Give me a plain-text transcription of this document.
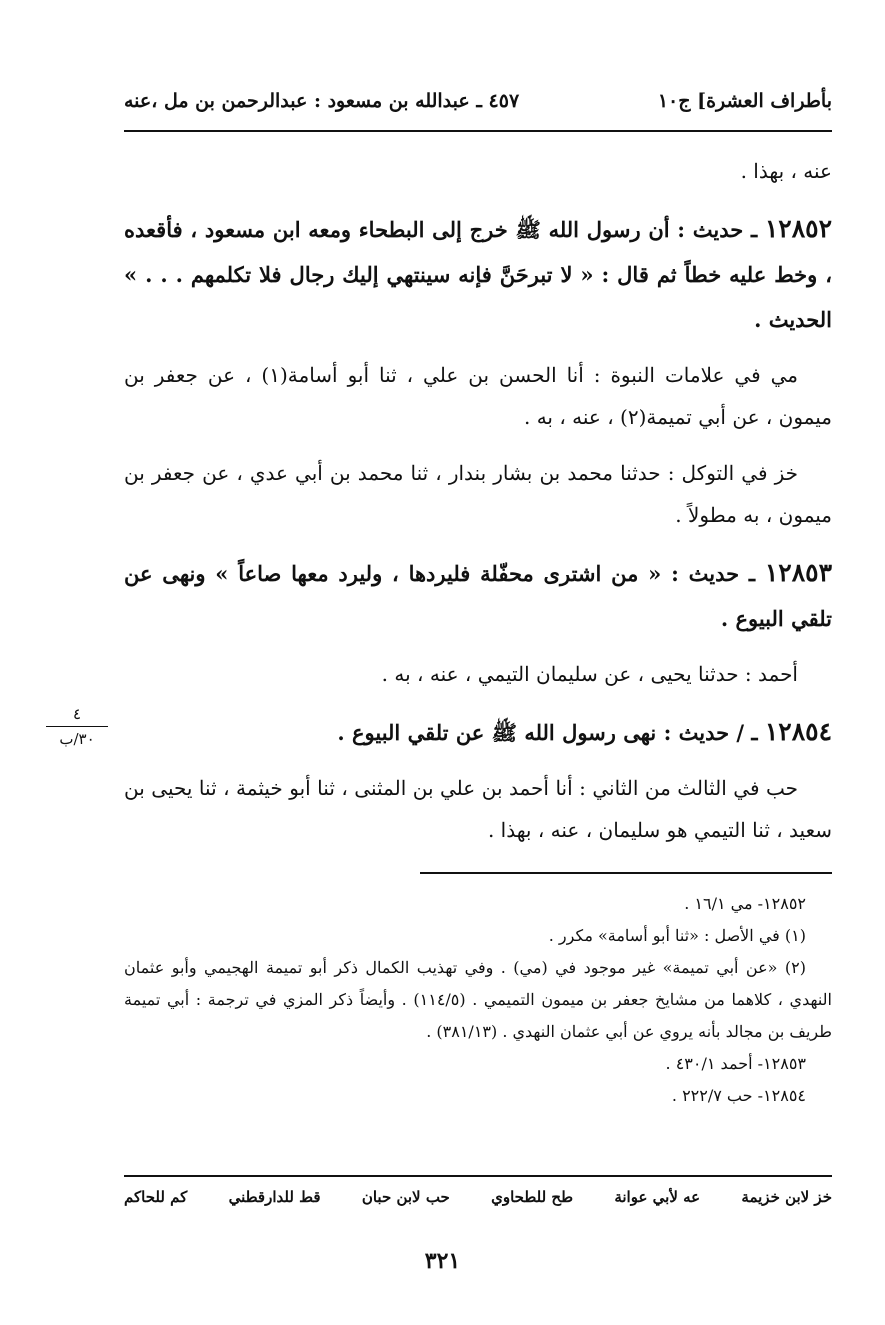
بأطراف العشرة] ج١٠
٤٥٧ ـ عبدالله بن مسعود : عبدالرحمن بن مل ،عنه

عنه ، بهذا .

١٢٨٥٢ ـ حديث : أن رسول الله ﷺ خرج إلى البطحاء ومعه ابن مسعود ، فأقعده ، وخط عليه خطاً ثم قال : « لا تبرحَنَّ فإنه سينتهي إليك رجال فلا تكلمهم . . . » الحديث .

مي في علامات النبوة : أنا الحسن بن علي ، ثنا أبو أسامة(١) ، عن جعفر بن ميمون ، عن أبي تميمة(٢) ، عنه ، به .

خز في التوكل : حدثنا محمد بن بشار بندار ، ثنا محمد بن أبي عدي ، عن جعفر بن ميمون ، به مطولاً .

١٢٨٥٣ ـ حديث : « من اشترى محفّلة فليردها ، وليرد معها صاعاً » ونهى عن تلقي البيوع .

أحمد : حدثنا يحيى ، عن سليمان التيمي ، عنه ، به .

١٢٨٥٤ ـ / حديث : نهى رسول الله ﷺ عن تلقي البيوع .

حب في الثالث من الثاني : أنا أحمد بن علي بن المثنى ، ثنا أبو خيثمة ، ثنا يحيى بن سعيد ، ثنا التيمي هو سليمان ، عنه ، بهذا .

٤
٣٠/ب

١٢٨٥٢- مي ١٦/١ .

(١) في الأصل : «ثنا أبو أسامة» مكرر .

(٢) «عن أبي تميمة» غير موجود في (مي) . وفي تهذيب الكمال ذكر أبو تميمة الهجيمي وأبو عثمان النهدي ، كلاهما من مشايخ جعفر بن ميمون التميمي . (١١٤/٥) . وأيضاً ذكر المزي في ترجمة : أبي تميمة طريف بن مجالد بأنه يروي عن أبي عثمان النهدي . (٣٨١/١٣) .

١٢٨٥٣- أحمد ٤٣٠/١ .

١٢٨٥٤- حب ٢٢٢/٧ .

خز لابن خزيمة
عه لأبي عوانة
طح للطحاوي
حب لابن حبان
قط للدارقطني
كم للحاكم
٣٢١
